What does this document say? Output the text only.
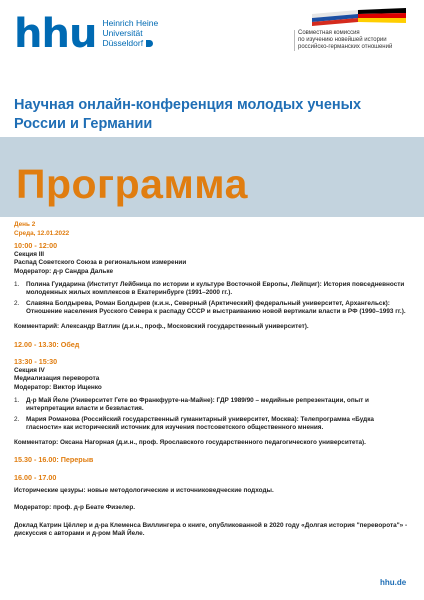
hhu Heinrich Heine
Universität
Düsseldorf
Совместная комиссия
по изучению новейшей истории
российско-германских отношений
Научная онлайн-конференция молодых ученых
России и Германии
Программа
День 2
Среда, 12.01.2022
10:00 - 12:00
Секция III
Распад Советского Союза в региональном измерении
Модератор: д-р Сандра Дальке
1.	Полина Гуидарина (Институт Лейбница по истории и культуре Восточной Европы, Лейпциг): История повседневности молодежных жилых комплексов в Екатеринбурге (1991–2000 гг.).
2.	Славяна Болдырева, Роман Болдырев (к.и.н., Северный (Арктический) федеральный университет, Архангельск): Отношение населения Русского Севера к распаду СССР и выстраиванию новой вертикали власти в РФ (1990–1993 гг.).
Комментарий: Александр Ватлин (д.и.н., проф., Московский государственный университет).
12.00 - 13.30: Обед
13:30 - 15:30
Секция IV
Медиализация переворота
Модератор: Виктор Ищенко
1.	Д-р Май Йеле (Университет Гете во Франкфурте-на-Майне): ГДР 1989/90 – медийные репрезентации, опыт и интерпретации власти и безвластия.
2.	Мария Романова (Российский государственный гуманитарный университет, Москва): Телепрограмма «Будка гласности» как исторический источник для изучения постсоветского общественного мнения.
Комментатор: Оксана Нагорная (д.и.н., проф. Ярославского государственного педагогического университета).
15.30 - 16.00: Перерыв
16.00 - 17.00
Исторические цезуры: новые методологические и источниковедческие подходы.
Модератор: проф. д-р Беате Физелер.
Доклад Катрин Цёллер и д-ра Клеменса Виллингера о книге, опубликованной в 2020 году «Долгая история "переворота"» - дискуссия с авторами и д-ром Май Йеле.
hhu.de
